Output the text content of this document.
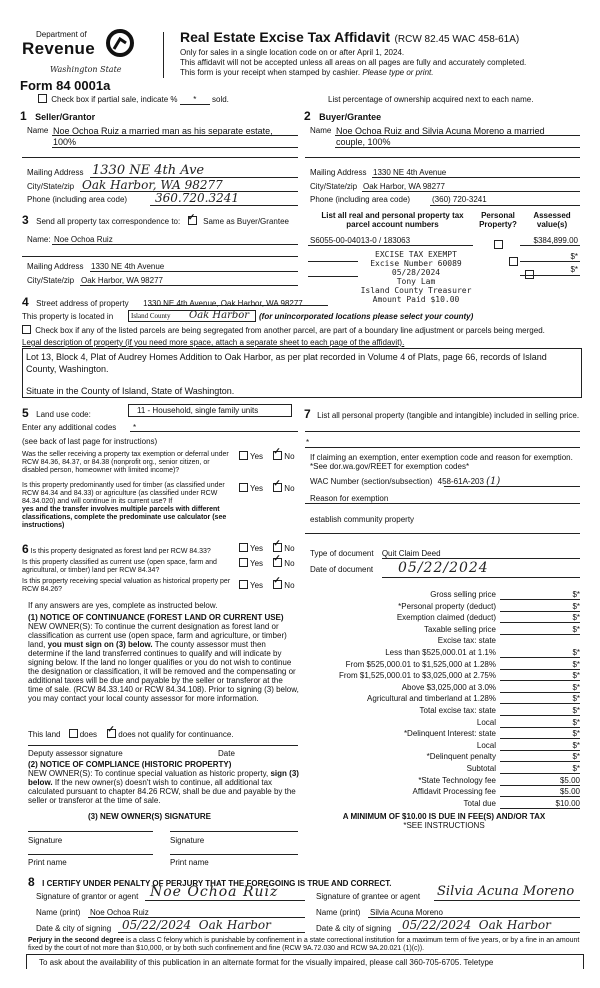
Department of
Revenue
Washington State
Form 84 0001a
Real Estate Excise Tax Affidavit (RCW 82.45 WAC 458-61A)
Only for sales in a single location code on or after April 1, 2024.
This affidavit will not be accepted unless all areas on all pages are fully and accurately completed.
This form is your receipt when stamped by cashier. Please type or print.
Check box if partial sale, indicate % * sold.	List percentage of ownership acquired next to each name.
1 Seller/Grantor
Name Noe Ochoa Ruiz a married man as his separate estate,
100%
Mailing Address 1330 NE 4th Ave
City/State/zip Oak Harbor, WA 98277
Phone (including area code) 360.720.3241
2 Buyer/Grantee
Name Noe Ochoa Ruiz and Silvia Acuna Moreno a married
couple, 100%
Mailing Address 1330 NE 4th Avenue
City/State/zip Oak Harbor, WA 98277
Phone (including area code)	(360) 720-3241
3 Send all property tax correspondence to: ✓	Same as Buyer/Grantee
Name: Noe Ochoa Ruiz
Mailing Address 1330 NE 4th Avenue
City/State/zip Oak Harbor, WA 98277
List all real and personal property tax parcel account numbers
Personal Property?
Assessed value(s)
S6055-00-04013-0 / 183063
	$384,899.00

$*
$*
EXCISE TAX EXEMPT
Excise Number 60089
05/28/2024
Tony Lam
Island County Treasurer
Amount Paid $10.00
4 Street address of property 1330 NE 4th Avenue, Oak Harbor, WA 98277
This property is located in	Island County Oak Harbor (for unincorporated locations please select your county)
Check box if any of the listed parcels are being segregated from another parcel, are part of a boundary line adjustment or parcels being merged.
Legal description of property (if you need more space, attach a separate sheet to each page of the affidavit).
Lot 13, Block 4, Plat of Audrey Homes Addition to Oak Harbor, as per plat recorded in Volume 4 of Plats, page 66, records of Island County, Washington.
Situate in the County of Island, State of Washington.
5 Land use code:	11 - Household, single family units
Enter any additional codes *
(see back of last page for instructions)
Was the seller receiving a property tax exemption or deferral under RCW 84.36, 84.37, or 84.38 (nonprofit org., senior citizen, or disabled person, homeowner with limited income)?
Yes ✓	No
Is this property predominantly used for timber (as classified under RCW 84.34 and 84.33) or agriculture (as classified under RCW 84.34.020) and will continue in its current use? If
yes and the transfer involves multiple parcels with different classifications, complete the predominate use calculator (see instructions)
Yes ✓	No
7 List all personal property (tangible and intangible) included in selling price.
*
If claiming an exemption, enter exemption code and reason for exemption. *See dor.wa.gov/REET for exemption codes*
WAC Number (section/subsection) 458-61A-203 (1)
Reason for exemption
establish community property
6 Is this property designated as forest land per RCW 84.33?	Yes ✓	No
Is this property classified as current use (open space, farm and agricultural, or timber) land per RCW 84.34?
Yes ✓	No
Is this property receiving special valuation as historical property per RCW 84.26?	Yes ✓	No
If any answers are yes, complete as instructed below.
(1) NOTICE OF CONTINUANCE (FOREST LAND OR CURRENT USE)
NEW OWNER(S): To continue the current designation as forest land or classification as current use (open space, farm and agriculture, or timber) land, you must sign on (3) below. The county assessor must then determine if the land transferred continues to qualify and will indicate by signing below. If the land no longer qualifies or you do not wish to continue the designation or classification, it will be removed and the compensating or additional taxes will be due and payable by the seller or transferor at the time of sale. (RCW 84.33.140 or RCW 84.34.108). Prior to signing (3) below, you may contact your local county assessor for more information.
This land does ✓	does not qualify for continuance.
Deputy assessor signature	Date
(2) NOTICE OF COMPLIANCE (HISTORIC PROPERTY)
NEW OWNER(S): To continue special valuation as historic property, sign (3) below. If the new owner(s) doesn't wish to continue, all additional tax calculated pursuant to chapter 84.26 RCW, shall be due and payable by the seller or transferor at the time of sale.
(3) NEW OWNER(S) SIGNATURE
Signature	Signature
Print name	Print name
Type of document Quit Claim Deed
Date of document 05/22/2024
Gross selling price	$*
*Personal property (deduct)	$*
Exemption claimed (deduct)	$*
Taxable selling price	$*
Excise tax: state
Less than $525,000.01 at 1.1%	$*
From $525,000.01 to $1,525,000 at 1.28%	$*
From $1,525,000.01 to $3,025,000 at 2.75%	$*
Above $3,025,000 at 3.0%	$*
Agricultural and timberland at 1.28%	$*
Total excise tax: state	$*
Local	$*
*Delinquent Interest: state	$*
Local	$*
*Delinquent penalty	$*
Subtotal	$*
*State Technology fee	$5.00
Affidavit Processing fee	$5.00
Total due	$10.00
A MINIMUM OF $10.00 IS DUE IN FEE(S) AND/OR TAX
*SEE INSTRUCTIONS
8 I CERTIFY UNDER PENALTY OF PERJURY THAT THE FOREGOING IS TRUE AND CORRECT.
Signature of grantor or agent Noe Ochoa Ruiz	Signature of grantee or agent Silvia Acuna Moreno
Name (print) Noe Ochoa Ruiz	Name (print) Silvia Acuna Moreno
Date & city of signing 05/22/2024  Oak Harbor	Date & city of signing 05/22/2024  Oak Harbor
Perjury in the second degree is a class C felony which is punishable by confinement in a state correctional institution for a maximum term of five years, or by a fine in an amount fixed by the court of not more than $10,000, or by both such confinement and fine (RCW 9A.72.030 and RCW 9A.20.021 (1)(c)).
To ask about the availability of this publication in an alternate format for the visually impaired, please call 360-705-6705. Teletype
